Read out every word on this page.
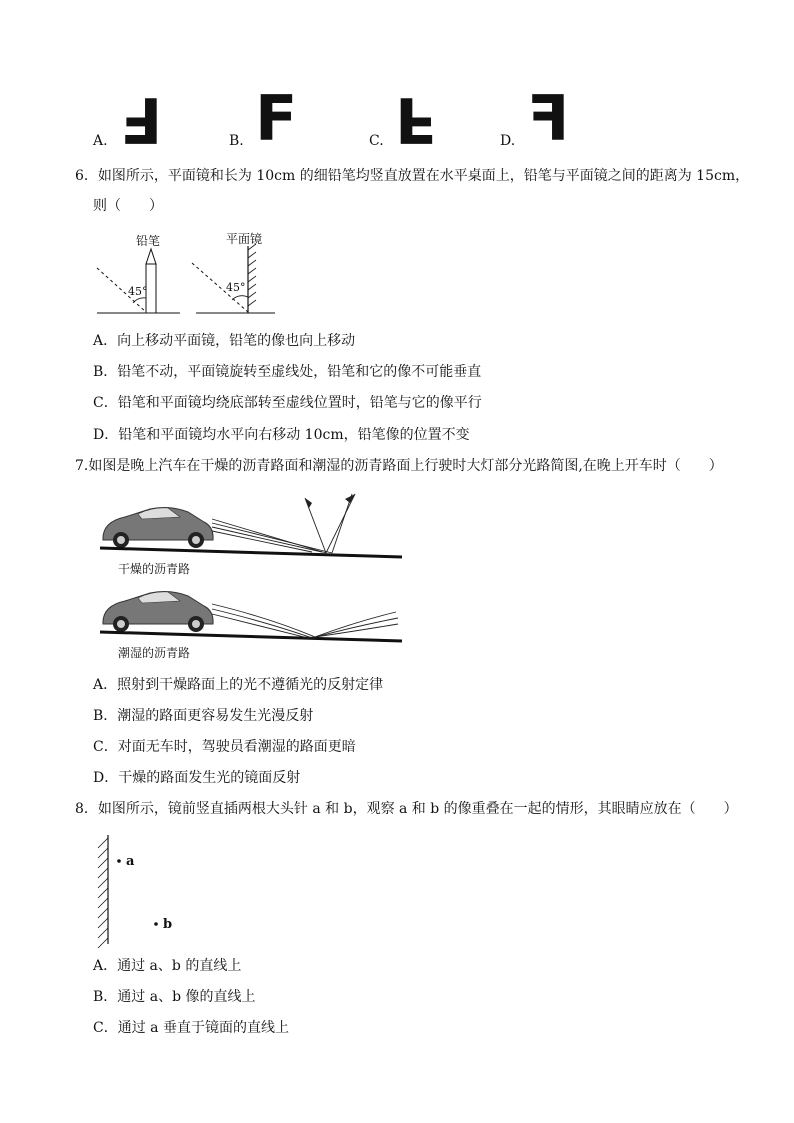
A. F	B. F	C. F	D. F
6．如图所示，平面镜和长为 10cm 的细铅笔均竖直放置在水平桌面上，铅笔与平面镜之间的距离为 15cm，
则（　　）
铅笔	平面镜
45°	45°
A．向上移动平面镜，铅笔的像也向上移动
B．铅笔不动，平面镜旋转至虚线处，铅笔和它的像不可能垂直
C．铅笔和平面镜均绕底部转至虚线位置时，铅笔与它的像平行
D．铅笔和平面镜均水平向右移动 10cm，铅笔像的位置不变
7.如图是晚上汽车在干燥的沥青路面和潮湿的沥青路面上行驶时大灯部分光路简图,在晚上开车时（　　）
干燥的沥青路
潮湿的沥青路
A．照射到干燥路面上的光不遵循光的反射定律
B．潮湿的路面更容易发生光漫反射
C．对面无车时，驾驶员看潮湿的路面更暗
D．干燥的路面发生光的镜面反射
8．如图所示，镜前竖直插两根大头针 a 和 b，观察 a 和 b 的像重叠在一起的情形，其眼睛应放在（　　）
a
b
A．通过 a、b 的直线上
B．通过 a、b 像的直线上
C．通过 a 垂直于镜面的直线上
